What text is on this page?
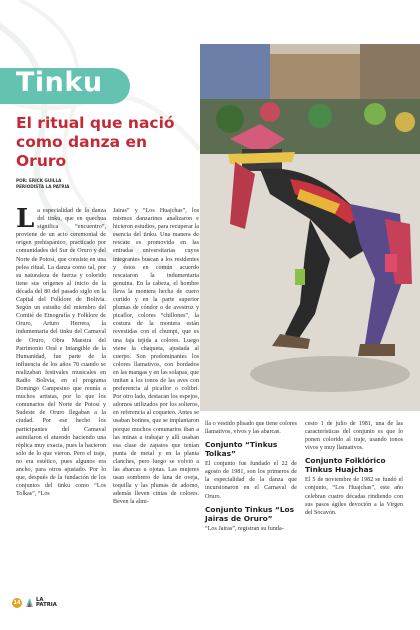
Tinku
El ritual que nació como danza en Oruro
POR: ERICK GUILLA
PERIODISTA LA PATRIA
L a especialidad de la danza del tinku, que en quechua significa “encuentro”, proviene de un acto ceremonial de origen prehispánico, practicado por comunidades del Sur de Oruro y del Norte de Potosí, que consiste en una pelea ritual. La danza como tal, por su naturaleza de fuerza y colorido tiene sus orígenes al inicio de la década del 80 del pasado siglo en la Capital del Folklore de Bolivia. Según un estudio del miembro del Comité de Etnografía y Folklore de Oruro, Arturo Herrera, la indumentaria del tinku del Carnaval de Oruro, Obra Maestra del Patrimonio Oral e Intangible de la Humanidad, fue parte de la influencia de los años 70 cuando se realizaban festivales musicales en Radio Bolivia, en el programa Domingo Campesino que reunía a muchos artistas, por lo que los comunarios del Norte de Potosí y Sudeste de Oruro llegaban a la ciudad. Por ese hecho los participantes del Carnaval asimilaron el atuendo haciendo una réplica muy exacta, pues la hacieron sólo de lo que vieron. Pero el traje, no era estético, pues algunos era ancho, para otros ajustado. Por lo que, después de la fundación de los conjuntos del tinku como “Los Tolkas”, “Los

Jairas” y “Los Huajchas”, los mismos danzarines analizaron e hicieron estudios, para recuperar la esencia del tinku. Una manera de rescate es promovida en las entradas universitarias cuyos integrantes buscan a los residentes y éstos en común acuerdo rescataron la indumentaria genuina. En la cabeza, el hombre lleva la montera hecha de cuero curtido y en la parte superior plumas de cóndor o de avestruz y picaflor, colores “chillones”, la costura de la montera están revestidas con el chumpi, que es una faja tejida a colores. Luego viene la chaqueta, ajustada al cuerpo. Son predominantes los colores llamativos, con bordados en las mangas y en las solapas, que imitan a los tonos de las aves con preferencia al picaflor o colibrí. Por otro lado, destacan los espejos, adornos utilizados por los solteros, en referencia al coqueteo. Antes se usaban botines, que se implantaron porque muchos comunarios iban a las minas a trabajar y allí usaban esa clase de zapatos que tenían punta de metal y en la planta clanches, pero luego se volvió a las abarcas u ojotas. Las mujeres usan sombrero de lana de oveja, toquilla y las plumas de adorno, además lleven cintas de colores. Beven la almi-

lla o vestido plisado que tiene colores llamativos, vivos y las abarcas.

Conjunto “Tinkus Tolkas”

El conjunto fue fundado el 22 de agosto de 1981, son los primeros de la especialidad de la danza que incursionaron en el Carnaval de Oruro.

Conjunto Tinkus “Los Jairas de Oruro”

“Los Jairas”, registran su funda-

cesto 1 de julio de 1981, una de las características del conjunto es que lo ponen colorido al traje, usando tonos vivos y muy llamativos.

Conjunto Folklórico Tinkus Huajchas

El 5 de noviembre de 1982 se fundó el conjunto, “Los Huajchas”, este año celebran cuatro décadas rindiendo con sus pasos ágiles devoción a la Virgen del Socavón.

14
LA
PATRIA
